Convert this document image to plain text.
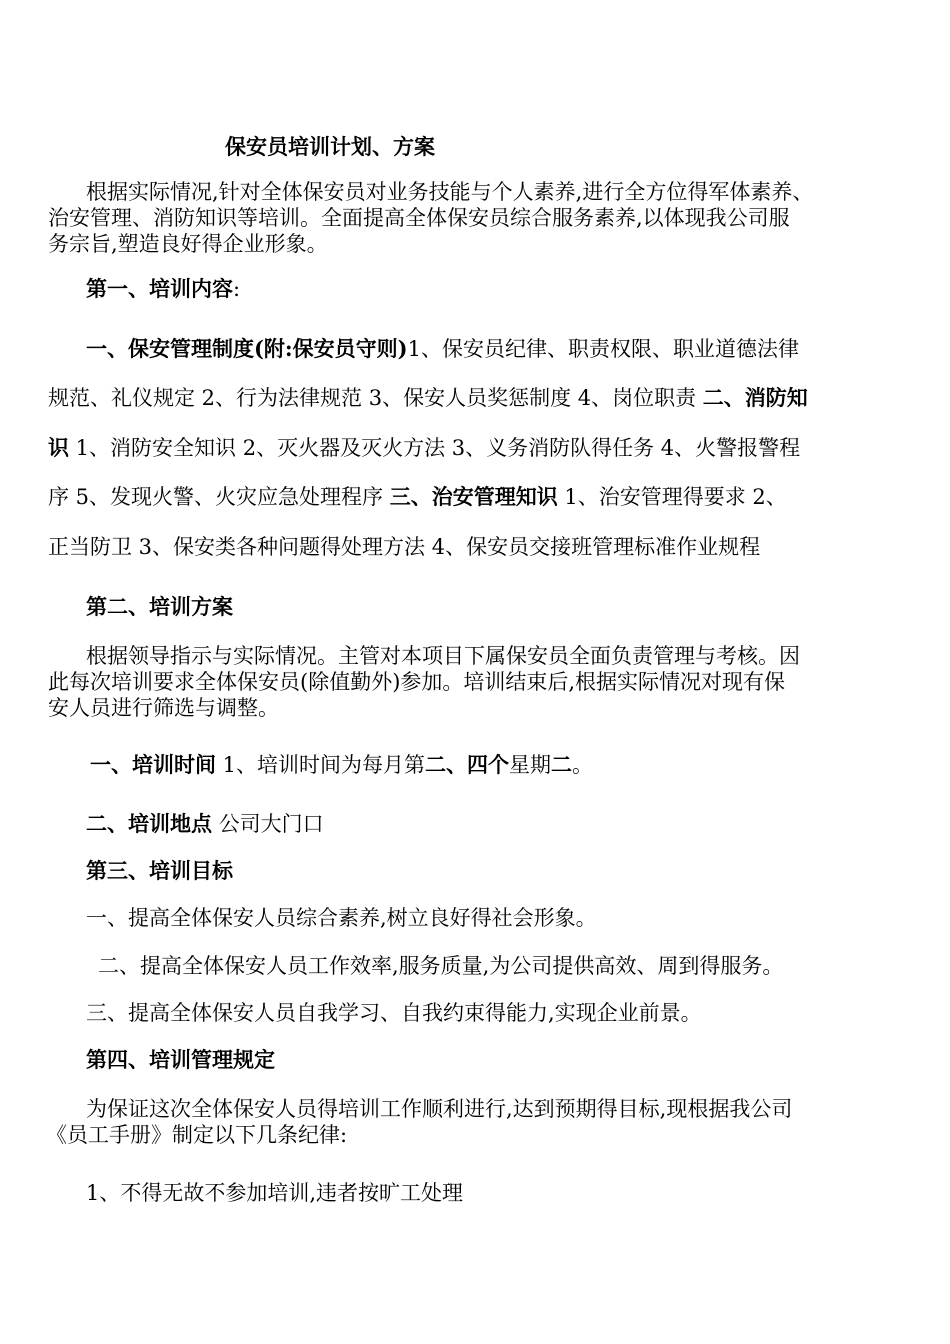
保安员培训计划、方案
根据实际情况,针对全体保安员对业务技能与个人素养,进行全方位得军体素养、
治安管理、消防知识等培训。全面提高全体保安员综合服务素养,以体现我公司服
务宗旨,塑造良好得企业形象。
第一、培训内容:
一、保安管理制度(附:保安员守则)1、保安员纪律、职责权限、职业道德法律
规范、礼仪规定 2、行为法律规范 3、保安人员奖惩制度 4、岗位职责 二、消防知
识 1、消防安全知识 2、灭火器及灭火方法 3、义务消防队得任务 4、火警报警程
序 5、发现火警、火灾应急处理程序 三、治安管理知识 1、治安管理得要求 2、
正当防卫 3、保安类各种问题得处理方法 4、保安员交接班管理标准作业规程
第二、培训方案
根据领导指示与实际情况。主管对本项目下属保安员全面负责管理与考核。因
此每次培训要求全体保安员(除值勤外)参加。培训结束后,根据实际情况对现有保
安人员进行筛选与调整。
一、培训时间 1、培训时间为每月第二、四个星期二。
二、培训地点 公司大门口
第三、培训目标
一、提高全体保安人员综合素养,树立良好得社会形象。
二、提高全体保安人员工作效率,服务质量,为公司提供高效、周到得服务。
三、提高全体保安人员自我学习、自我约束得能力,实现企业前景。
第四、培训管理规定
为保证这次全体保安人员得培训工作顺利进行,达到预期得目标,现根据我公司
《员工手册》制定以下几条纪律:
1、不得无故不参加培训,违者按旷工处理
